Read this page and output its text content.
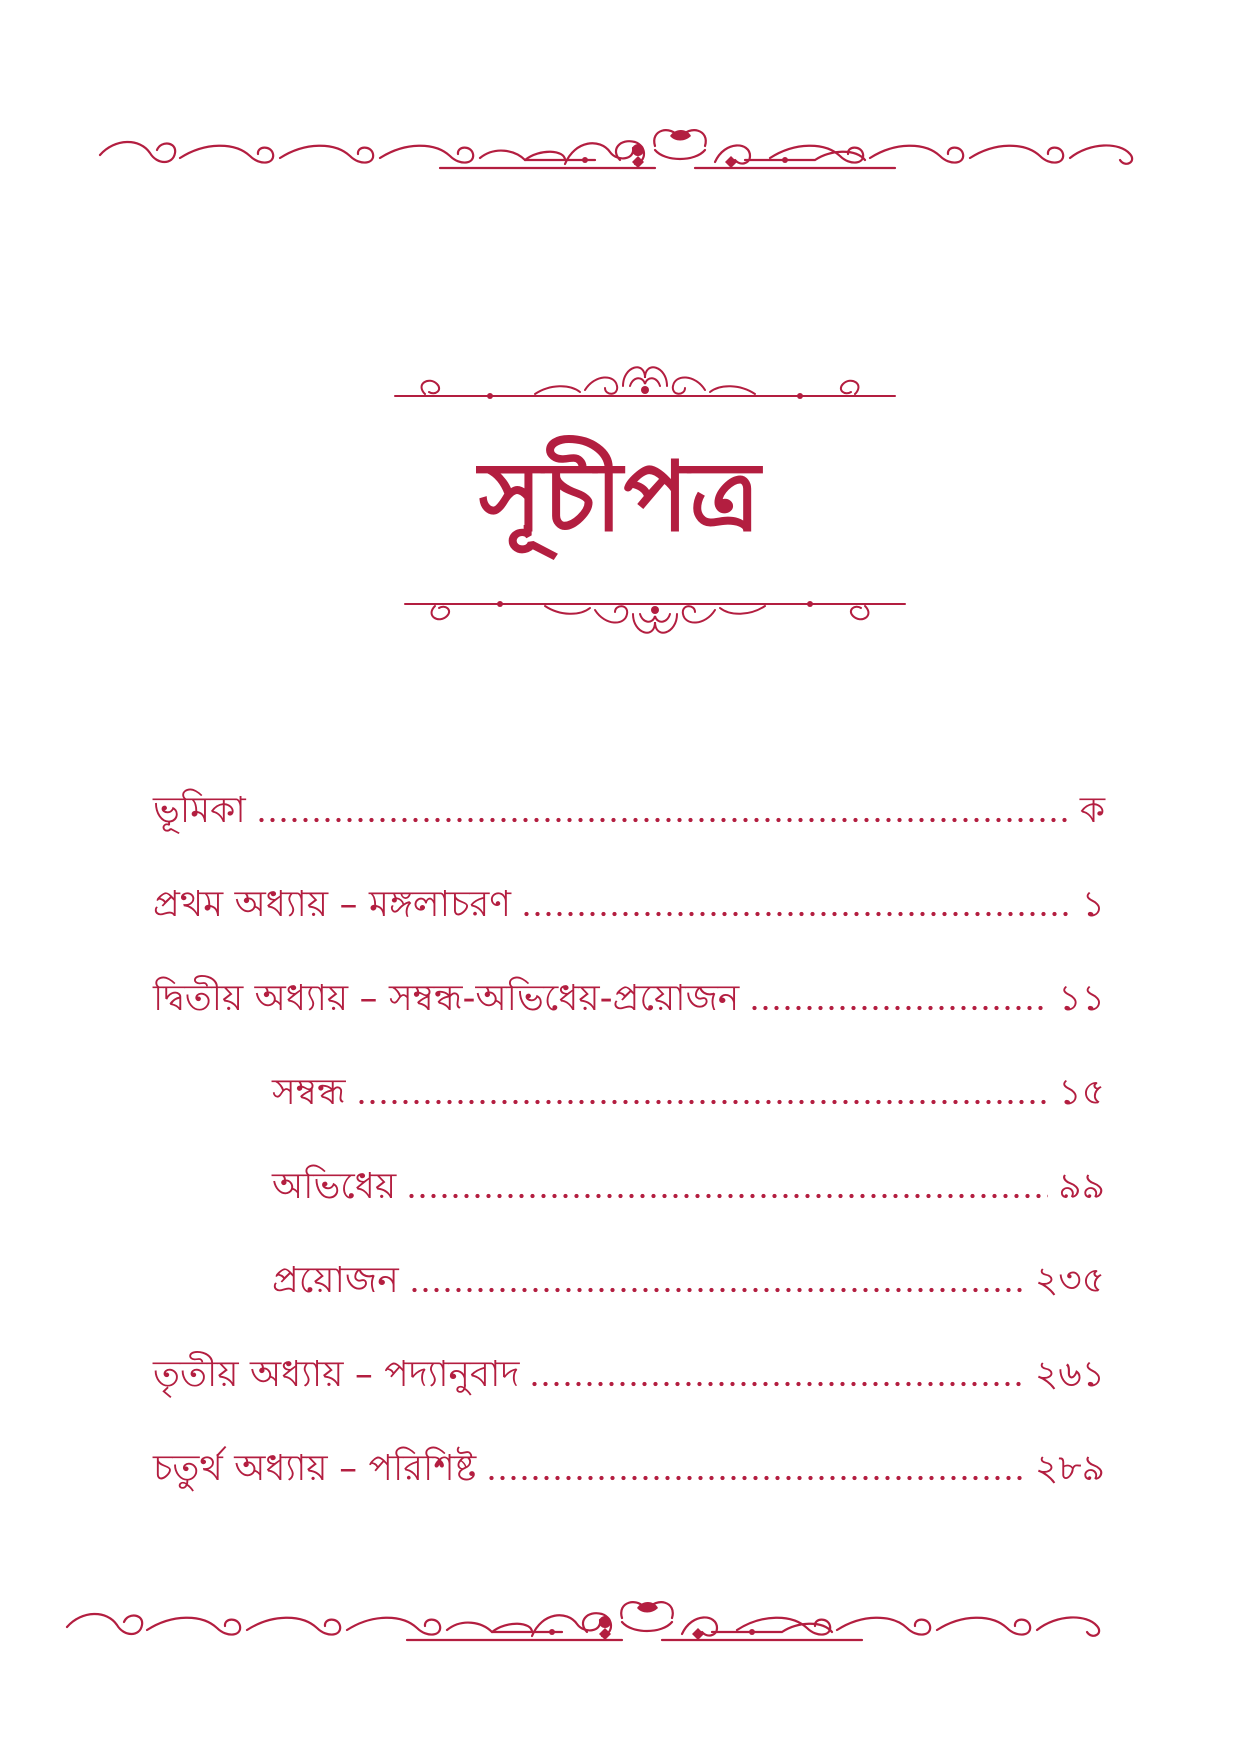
সূচীপত্র
ভূমিকা	ক
প্রথম অধ্যায় – মঙ্গলাচরণ	১
দ্বিতীয় অধ্যায় – সম্বন্ধ-অভিধেয়-প্রয়োজন	১১
সম্বন্ধ	১৫
অভিধেয়	৯৯
প্রয়োজন	২৩৫
তৃতীয় অধ্যায় – পদ্যানুবাদ	২৬১
চতুর্থ অধ্যায় – পরিশিষ্ট	২৮৯
